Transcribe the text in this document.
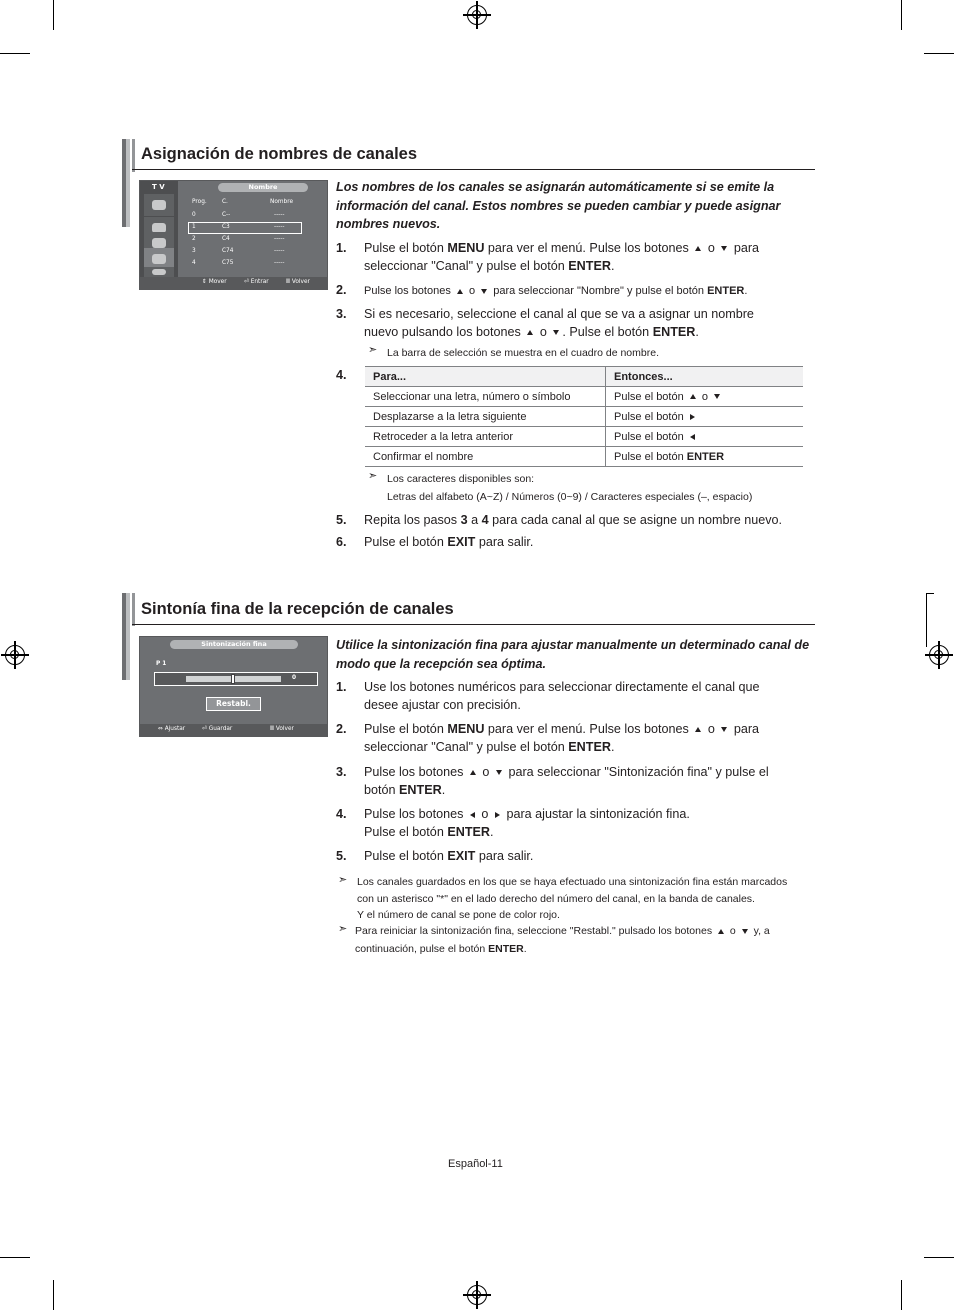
Asignación de nombres de canales
T V	Nombre
Prog.	C.	Nombre
0	C--	-----
1	C3	-----
2	C4	-----
3	C74	-----
4	C75	-----
⇕ Mover	⏎ Entrar	Ⅲ Volver
Los nombres de los canales se asignarán automáticamente si se emite la información del canal. Estos nombres se pueden cambiar y puede asignar nombres nuevos.
1. Pulse el botón MENU para ver el menú. Pulse los botones o para
seleccionar "Canal" y pulse el botón ENTER.
2. Pulse los botones o para seleccionar "Nombre" y pulse el botón ENTER.
3. Si es necesario, seleccione el canal al que se va a asignar un nombre
nuevo pulsando los botones o . Pulse el botón ENTER.
➣ La barra de selección se muestra en el cuadro de nombre.
4. Para...	Entonces...
Seleccionar una letra, número o símbolo	Pulse el botón o
Desplazarse a la letra siguiente	Pulse el botón
Retroceder a la letra anterior	Pulse el botón
Confirmar el nombre	Pulse el botón ENTER
➣ Los caracteres disponibles son:
Letras del alfabeto (A~Z) / Números (0~9) / Caracteres especiales (–, espacio)
5. Repita los pasos 3 a 4 para cada canal al que se asigne un nombre nuevo.
6. Pulse el botón EXIT para salir.
Sintonía fina de la recepción de canales
Sintonización fina
P 1
0
Restabl.
⇔ Ajustar	⏎ Guardar	Ⅲ Volver
Utilice la sintonización fina para ajustar manualmente un determinado canal de modo que la recepción sea óptima.
1. Use los botones numéricos para seleccionar directamente el canal que
desee ajustar con precisión.
2. Pulse el botón MENU para ver el menú. Pulse los botones o para
seleccionar "Canal" y pulse el botón ENTER.
3. Pulse los botones o para seleccionar "Sintonización fina" y pulse el
botón ENTER.
4. Pulse los botones o para ajustar la sintonización fina.
Pulse el botón ENTER.
5. Pulse el botón EXIT para salir.
➣ Los canales guardados en los que se haya efectuado una sintonización fina están marcados
con un asterisco "*" en el lado derecho del número del canal, en la banda de canales.
Y el número de canal se pone de color rojo.
➣ Para reiniciar la sintonización fina, seleccione "Restabl." pulsado los botones o y, a
continuación, pulse el botón ENTER.
Español-11
